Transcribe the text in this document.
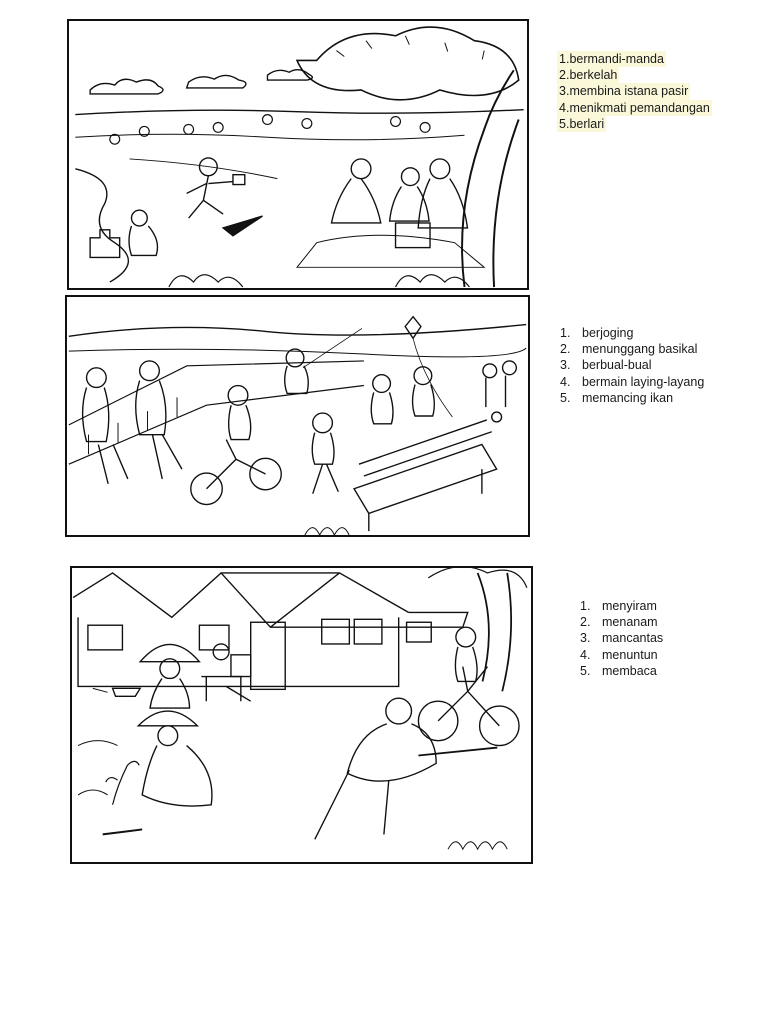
1.bermandi-manda
2.berkelah
3.membina istana pasir
4.menikmati pemandangan
5.berlari
1. berjoging
2. menunggang basikal
3. berbual-bual
4. bermain laying-layang
5. memancing ikan
1. menyiram
2. menanam
3. mancantas
4. menuntun
5. membaca
